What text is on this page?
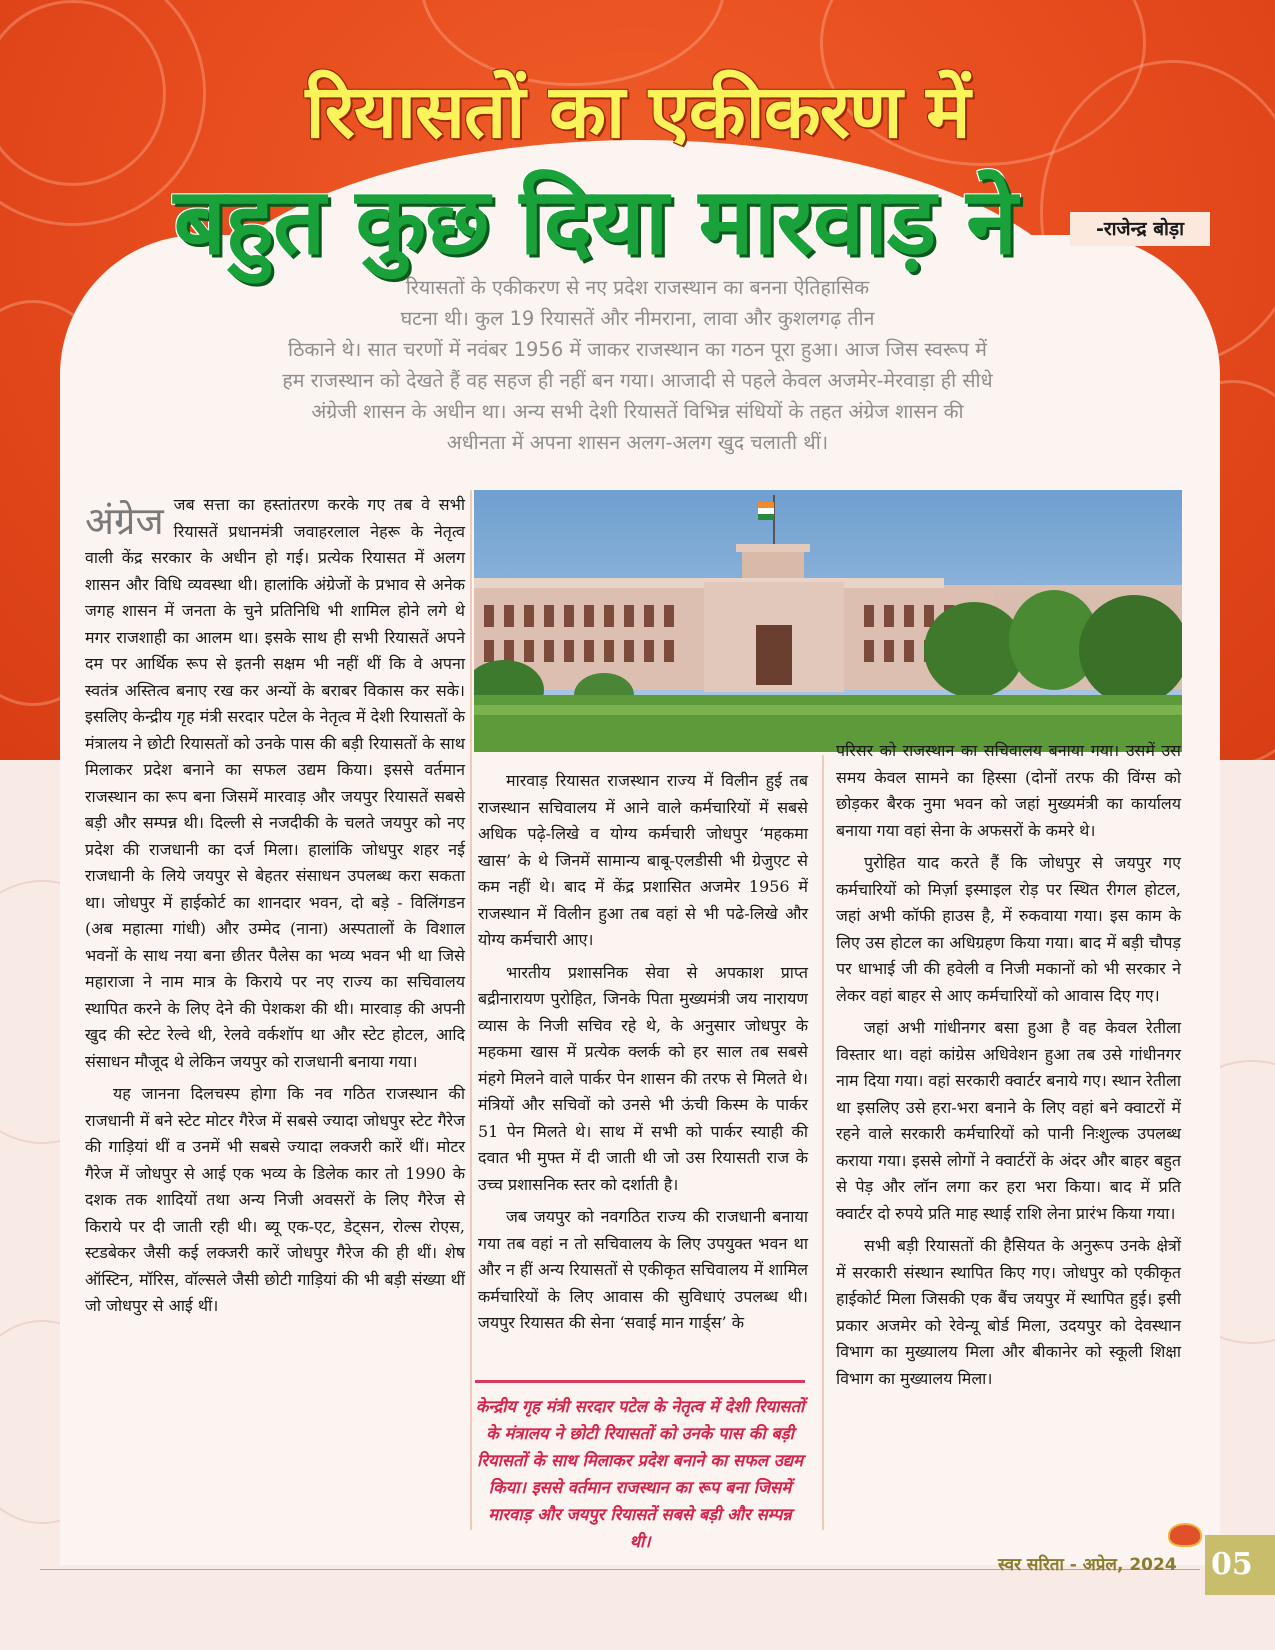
रियासतों का एकीकरण में
बहुत कुछ दिया मारवाड़ ने	-राजेन्द्र बोड़ा
रियासतों के एकीकरण से नए प्रदेश राजस्थान का बनना ऐतिहासिक
घटना थी। कुल 19 रियासतें और नीमराना, लावा और कुशलगढ़ तीन
ठिकाने थे। सात चरणों में नवंबर 1956 में जाकर राजस्थान का गठन पूरा हुआ। आज जिस स्वरूप में
हम राजस्थान को देखते हैं वह सहज ही नहीं बन गया। आजादी से पहले केवल अजमेर-मेरवाड़ा ही सीधे
अंग्रेजी शासन के अधीन था। अन्य सभी देशी रियासतें विभिन्न संधियों के तहत अंग्रेज शासन की
अधीनता में अपना शासन अलग-अलग खुद चलाती थीं।
अंग्रेज जब सत्ता का हस्तांतरण करके गए तब वे सभी रियासतें प्रधानमंत्री जवाहरलाल नेहरू के नेतृत्व वाली केंद्र सरकार के अधीन हो गई। प्रत्येक रियासत में अलग शासन और विधि व्यवस्था थी। हालांकि अंग्रेजों के प्रभाव से अनेक जगह शासन में जनता के चुने प्रतिनिधि भी शामिल होने लगे थे मगर राजशाही का आलम था। इसके साथ ही सभी रियासतें अपने दम पर आर्थिक रूप से इतनी सक्षम भी नहीं थीं कि वे अपना स्वतंत्र अस्तित्व बनाए रख कर अन्यों के बराबर विकास कर सके। इसलिए केन्द्रीय गृह मंत्री सरदार पटेल के नेतृत्व में देशी रियासतों के मंत्रालय ने छोटी रियासतों को उनके पास की बड़ी रियासतों के साथ मिलाकर प्रदेश बनाने का सफल उद्यम किया। इससे वर्तमान राजस्थान का रूप बना जिसमें मारवाड़ और जयपुर रियासतें सबसे बड़ी और सम्पन्न थी। दिल्ली से नजदीकी के चलते जयपुर को नए प्रदेश की राजधानी का दर्ज मिला। हालांकि जोधपुर शहर नई राजधानी के लिये जयपुर से बेहतर संसाधन उपलब्ध करा सकता था। जोधपुर में हाईकोर्ट का शानदार भवन, दो बड़े - विलिंगडन (अब महात्मा गांधी) और उम्मेद (नाना) अस्पतालों के विशाल भवनों के साथ नया बना छीतर पैलेस का भव्य भवन भी था जिसे महाराजा ने नाम मात्र के किराये पर नए राज्य का सचिवालय स्थापित करने के लिए देने की पेशकश की थी। मारवाड़ की अपनी खुद की स्टेट रेल्वे थी, रेलवे वर्कशॉप था और स्टेट होटल, आदि संसाधन मौजूद थे लेकिन जयपुर को राजधानी बनाया गया।

यह जानना दिलचस्प होगा कि नव गठित राजस्थान की राजधानी में बने स्टेट मोटर गैरेज में सबसे ज्यादा जोधपुर स्टेट गैरेज की गाड़ियां थीं व उनमें भी सबसे ज्यादा लक्जरी कारें थीं। मोटर गैरेज में जोधपुर से आई एक भव्य के डिलेक कार तो 1990 के दशक तक शादियों तथा अन्य निजी अवसरों के लिए गैरेज से किराये पर दी जाती रही थी। ब्यू एक-एट, डेट्सन, रोल्स रोएस, स्टडबेकर जैसी कई लक्जरी कारें जोधपुर गैरेज की ही थीं। शेष ऑस्टिन, मॉरिस, वॉल्सले जैसी छोटी गाड़ियां की भी बड़ी संख्या थीं जो जोधपुर से आई थीं।

मारवाड़ रियासत राजस्थान राज्य में विलीन हुई तब राजस्थान सचिवालय में आने वाले कर्मचारियों में सबसे अधिक पढ़े-लिखे व योग्य कर्मचारी जोधपुर ‘महकमा खास’ के थे जिनमें सामान्य बाबू-एलडीसी भी ग्रेजुएट से कम नहीं थे। बाद में केंद्र प्रशासित अजमेर 1956 में राजस्थान में विलीन हुआ तब वहां से भी पढे-लिखे और योग्य कर्मचारी आए।

भारतीय प्रशासनिक सेवा से अपकाश प्राप्त बद्रीनारायण पुरोहित, जिनके पिता मुख्यमंत्री जय नारायण व्यास के निजी सचिव रहे थे, के अनुसार जोधपुर के महकमा खास में प्रत्येक क्लर्क को हर साल तब सबसे मंहगे मिलने वाले पार्कर पेन शासन की तरफ से मिलते थे। मंत्रियों और सचिवों को उनसे भी ऊंची किस्म के पार्कर 51 पेन मिलते थे। साथ में सभी को पार्कर स्याही की दवात भी मुफ्त में दी जाती थी जो उस रियासती राज के उच्च प्रशासनिक स्तर को दर्शाती है।

जब जयपुर को नवगठित राज्य की राजधानी बनाया गया तब वहां न तो सचिवालय के लिए उपयुक्त भवन था और न हीं अन्य रियासतों से एकीकृत सचिवालय में शामिल कर्मचारियों के लिए आवास की सुविधाएं उपलब्ध थी। जयपुर रियासत की सेना ‘सवाई मान गार्ड्स’ के

केन्द्रीय गृह मंत्री सरदार पटेल के नेतृत्व में देशी रियासतों के मंत्रालय ने छोटी रियासतों को उनके पास की बड़ी रियासतों के साथ मिलाकर प्रदेश बनाने का सफल उद्यम किया। इससे वर्तमान राजस्थान का रूप बना जिसमें मारवाड़ और जयपुर रियासतें सबसे बड़ी और सम्पन्न थी।

परिसर को राजस्थान का सचिवालय बनाया गया। उसमें उस समय केवल सामने का हिस्सा (दोनों तरफ की विंग्स को छोड़कर बैरक नुमा भवन को जहां मुख्यमंत्री का कार्यालय बनाया गया वहां सेना के अफसरों के कमरे थे।

पुरोहित याद करते हैं कि जोधपुर से जयपुर गए कर्मचारियों को मिर्ज़ा इस्माइल रोड़ पर स्थित रीगल होटल, जहां अभी कॉफी हाउस है, में रुकवाया गया। इस काम के लिए उस होटल का अधिग्रहण किया गया। बाद में बड़ी चौपड़ पर धाभाई जी की हवेली व निजी मकानों को भी सरकार ने लेकर वहां बाहर से आए कर्मचारियों को आवास दिए गए।

जहां अभी गांधीनगर बसा हुआ है वह केवल रेतीला विस्तार था। वहां कांग्रेस अधिवेशन हुआ तब उसे गांधीनगर नाम दिया गया। वहां सरकारी क्वार्टर बनाये गए। स्थान रेतीला था इसलिए उसे हरा-भरा बनाने के लिए वहां बने क्वाटरों में रहने वाले सरकारी कर्मचारियों को पानी निःशुल्क उपलब्ध कराया गया। इससे लोगों ने क्वार्टरों के अंदर और बाहर बहुत से पेड़ और लॉन लगा कर हरा भरा किया। बाद में प्रति क्वार्टर दो रुपये प्रति माह स्थाई राशि लेना प्रारंभ किया गया।

सभी बड़ी रियासतों की हैसियत के अनुरूप उनके क्षेत्रों में सरकारी संस्थान स्थापित किए गए। जोधपुर को एकीकृत हाईकोर्ट मिला जिसकी एक बैंच जयपुर में स्थापित हुई। इसी प्रकार अजमेर को रेवेन्यू बोर्ड मिला, उदयपुर को देवस्थान विभाग का मुख्यालय मिला और बीकानेर को स्कूली शिक्षा विभाग का मुख्यालय मिला।

स्वर सरिता - अप्रेल, 2024 05
